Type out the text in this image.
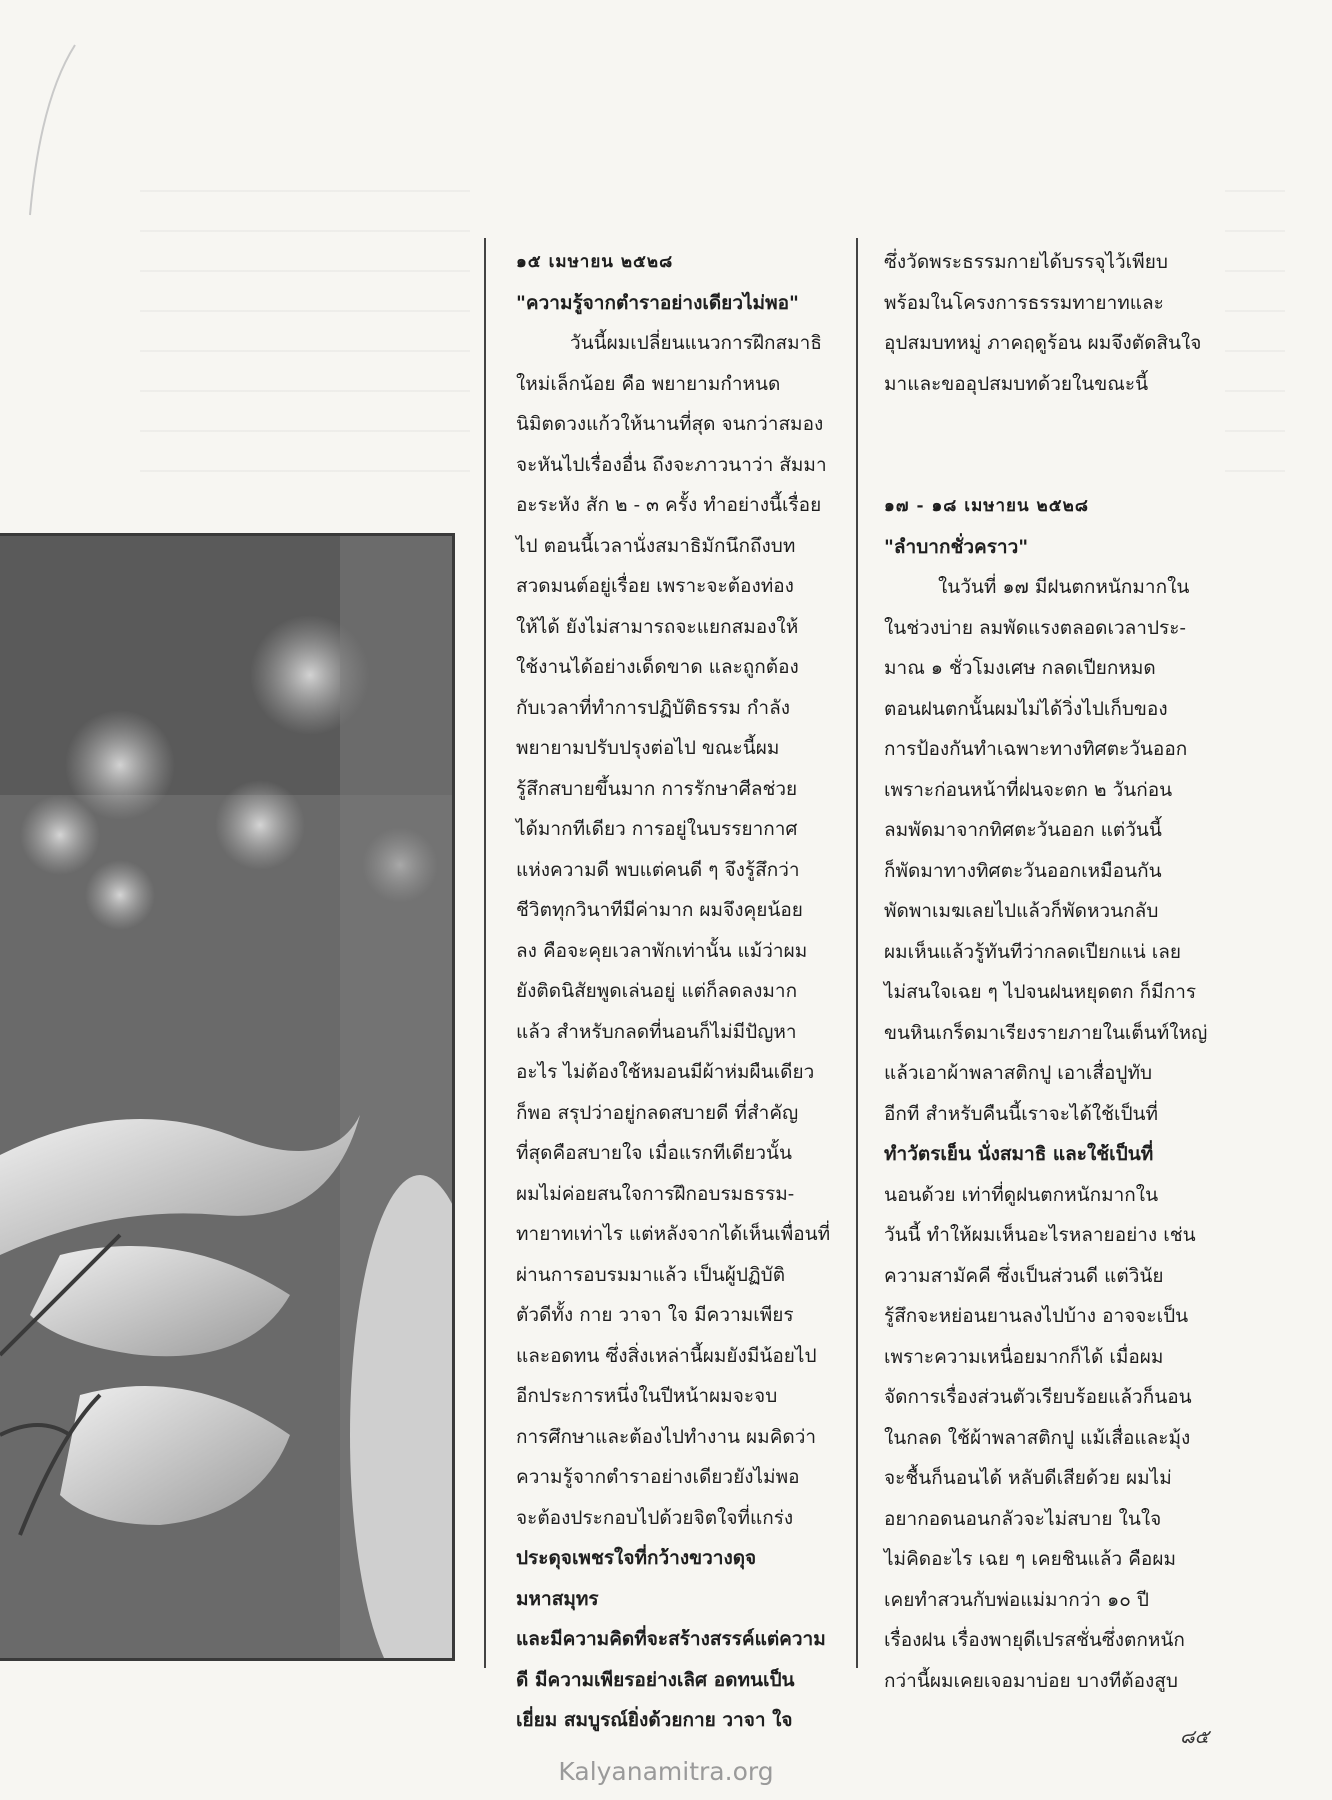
๑๕ เมษายน ๒๕๒๘

"ความรู้จากตำราอย่างเดียวไม่พอ"

วันนี้ผมเปลี่ยนแนวการฝึกสมาธิ

ใหม่เล็กน้อย คือ พยายามกำหนด

นิมิตดวงแก้วให้นานที่สุด จนกว่าสมอง

จะหันไปเรื่องอื่น ถึงจะภาวนาว่า สัมมา

อะระหัง สัก ๒ - ๓ ครั้ง ทำอย่างนี้เรื่อย

ไป ตอนนี้เวลานั่งสมาธิมักนึกถึงบท

สวดมนต์อยู่เรื่อย เพราะจะต้องท่อง

ให้ได้ ยังไม่สามารถจะแยกสมองให้

ใช้งานได้อย่างเด็ดขาด และถูกต้อง

กับเวลาที่ทำการปฏิบัติธรรม กำลัง

พยายามปรับปรุงต่อไป ขณะนี้ผม

รู้สึกสบายขึ้นมาก การรักษาศีลช่วย

ได้มากทีเดียว การอยู่ในบรรยากาศ

แห่งความดี พบแต่คนดี ๆ จึงรู้สึกว่า

ชีวิตทุกวินาทีมีค่ามาก ผมจึงคุยน้อย

ลง คือจะคุยเวลาพักเท่านั้น แม้ว่าผม

ยังติดนิสัยพูดเล่นอยู่ แต่ก็ลดลงมาก

แล้ว สำหรับกลดที่นอนก็ไม่มีปัญหา

อะไร ไม่ต้องใช้หมอนมีผ้าห่มผืนเดียว

ก็พอ สรุปว่าอยู่กลดสบายดี ที่สำคัญ

ที่สุดคือสบายใจ เมื่อแรกทีเดียวนั้น

ผมไม่ค่อยสนใจการฝึกอบรมธรรม-

ทายาทเท่าไร แต่หลังจากได้เห็นเพื่อนที่

ผ่านการอบรมมาแล้ว เป็นผู้ปฏิบัติ

ตัวดีทั้ง กาย วาจา ใจ มีความเพียร

และอดทน ซึ่งสิ่งเหล่านี้ผมยังมีน้อยไป

อีกประการหนึ่งในปีหน้าผมจะจบ

การศึกษาและต้องไปทำงาน ผมคิดว่า

ความรู้จากตำราอย่างเดียวยังไม่พอ

จะต้องประกอบไปด้วยจิตใจที่แกร่ง

ประดุจเพชรใจที่กว้างขวางดุจมหาสมุทร

และมีความคิดที่จะสร้างสรรค์แต่ความ

ดี มีความเพียรอย่างเลิศ อดทนเป็น

เยี่ยม สมบูรณ์ยิ่งด้วยกาย วาจา ใจ

ซึ่งวัดพระธรรมกายได้บรรจุไว้เพียบ

พร้อมในโครงการธรรมทายาทและ

อุปสมบทหมู่ ภาคฤดูร้อน ผมจึงตัดสินใจ

มาและขออุปสมบทด้วยในขณะนี้

๑๗ - ๑๘ เมษายน ๒๕๒๘

"ลำบากชั่วคราว"

ในวันที่ ๑๗ มีฝนตกหนักมากใน

ในช่วงบ่าย ลมพัดแรงตลอดเวลาประ-

มาณ ๑ ชั่วโมงเศษ กลดเปียกหมด

ตอนฝนตกนั้นผมไม่ได้วิ่งไปเก็บของ

การป้องกันทำเฉพาะทางทิศตะวันออก

เพราะก่อนหน้าที่ฝนจะตก ๒ วันก่อน

ลมพัดมาจากทิศตะวันออก แต่วันนี้

ก็พัดมาทางทิศตะวันออกเหมือนกัน

พัดพาเมฆเลยไปแล้วก็พัดหวนกลับ

ผมเห็นแล้วรู้ทันทีว่ากลดเปียกแน่ เลย

ไม่สนใจเฉย ๆ ไปจนฝนหยุดตก ก็มีการ

ขนหินเกร็ดมาเรียงรายภายในเต็นท์ใหญ่

แล้วเอาผ้าพลาสติกปู เอาเสื่อปูทับ

อีกที สำหรับคืนนี้เราจะได้ใช้เป็นที่

ทำวัตรเย็น นั่งสมาธิ และใช้เป็นที่

นอนด้วย เท่าที่ดูฝนตกหนักมากใน

วันนี้ ทำให้ผมเห็นอะไรหลายอย่าง เช่น

ความสามัคคี ซึ่งเป็นส่วนดี แต่วินัย

รู้สึกจะหย่อนยานลงไปบ้าง อาจจะเป็น

เพราะความเหนื่อยมากก็ได้ เมื่อผม

จัดการเรื่องส่วนตัวเรียบร้อยแล้วก็นอน

ในกลด ใช้ผ้าพลาสติกปู แม้เสื่อและมุ้ง

จะชื้นก็นอนได้ หลับดีเสียด้วย ผมไม่

อยากอดนอนกลัวจะไม่สบาย ในใจ

ไม่คิดอะไร เฉย ๆ เคยชินแล้ว คือผม

เคยทำสวนกับพ่อแม่มากว่า ๑๐ ปี

เรื่องฝน เรื่องพายุดีเปรสชั่นซึ่งตกหนัก

กว่านี้ผมเคยเจอมาบ่อย บางทีต้องสูบ

๘๕
Kalyanamitra.org
